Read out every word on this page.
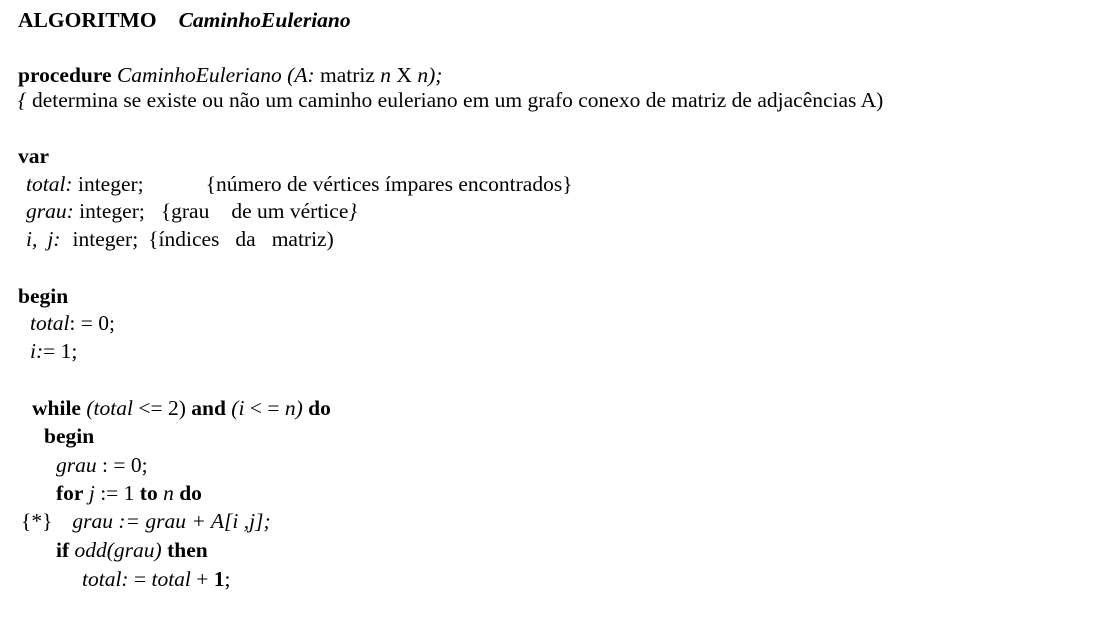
ALGORITMO CaminhoEuleriano
procedure CaminhoEuleriano (A: matriz n X n);
{ determina se existe ou não um caminho euleriano em um grafo conexo de matriz de adjacências A)
var
total: integer;	{número de vértices ímpares encontrados}
grau: integer; {grau de um vértice}
i, j: integer; {índices da matriz)
begin
total: = 0;
i:= 1;
while (total <= 2) and (i < = n) do
begin
grau : = 0;
for j := 1 to n do
{*} grau := grau + A[i ,j];
if odd(grau) then
total: = total + 1;
